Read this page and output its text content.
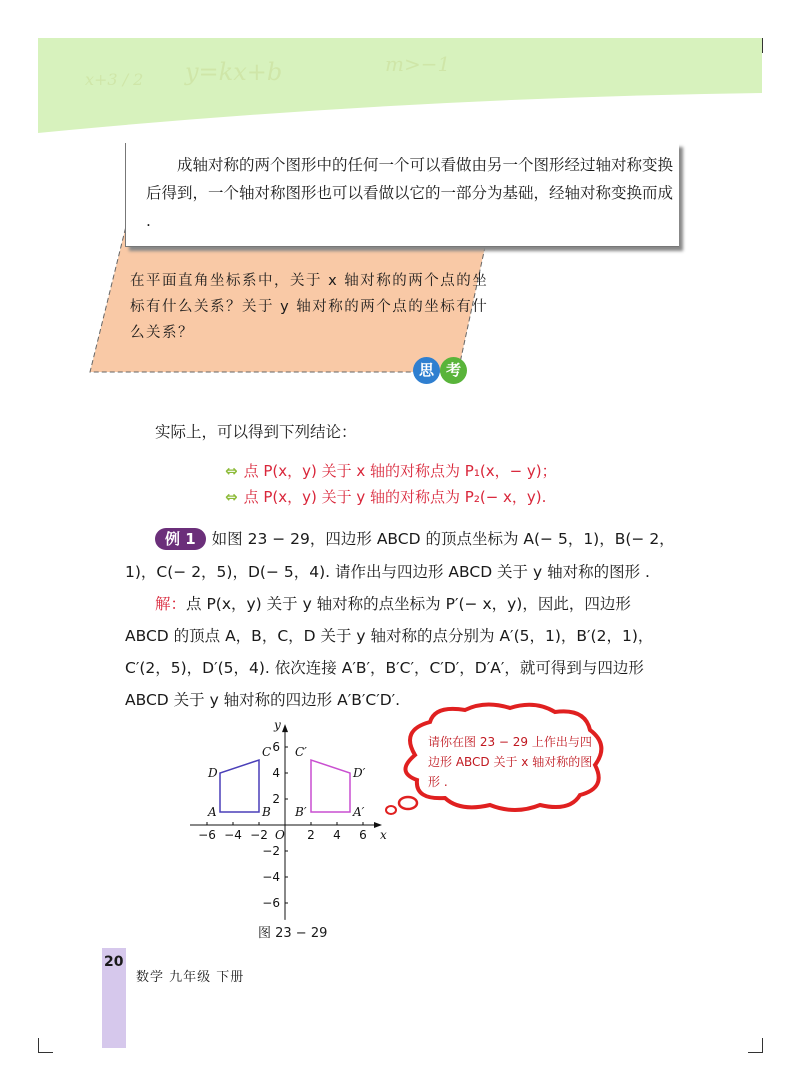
x+3 / 2 y=kx+b	m>−1
成轴对称的两个图形中的任何一个可以看做由另一个图形经过轴对称变换后得到，一个轴对称图形也可以看做以它的一部分为基础，经轴对称变换而成 .
在平面直角坐标系中，关于 x 轴对称的两个点的坐标有什么关系？关于 y 轴对称的两个点的坐标有什么关系？
思 考
实际上，可以得到下列结论：
⇔ 点 P(x，y) 关于 x 轴的对称点为 P₁(x，− y)；
⇔ 点 P(x，y) 关于 y 轴的对称点为 P₂(− x，y).
例 1 如图 23 − 29，四边形 ABCD 的顶点坐标为 A(− 5，1)，B(− 2，
1)，C(− 2，5)，D(− 5，4). 请作出与四边形 ABCD 关于 y 轴对称的图形 .
解：点 P(x，y) 关于 y 轴对称的点坐标为 P′(− x，y)，因此，四边形
ABCD 的顶点 A，B，C，D 关于 y 轴对称的点分别为 A′(5，1)，B′(2，1)，
C′(2，5)，D′(5，4). 依次连接 A′B′，B′C′，C′D′，D′A′，就可得到与四边形
ABCD 关于 y 轴对称的四边形 A′B′C′D′.
−6 −4 −2	2 4 6
6
4
2
−2
−4
−6
O	x
y
A	B
C
D
A′
B′
C′
D′
图 23 − 29
请你在图 23 − 29 上作出与四边形 ABCD 关于 x 轴对称的图形 .
20
数学 九年级 下册
